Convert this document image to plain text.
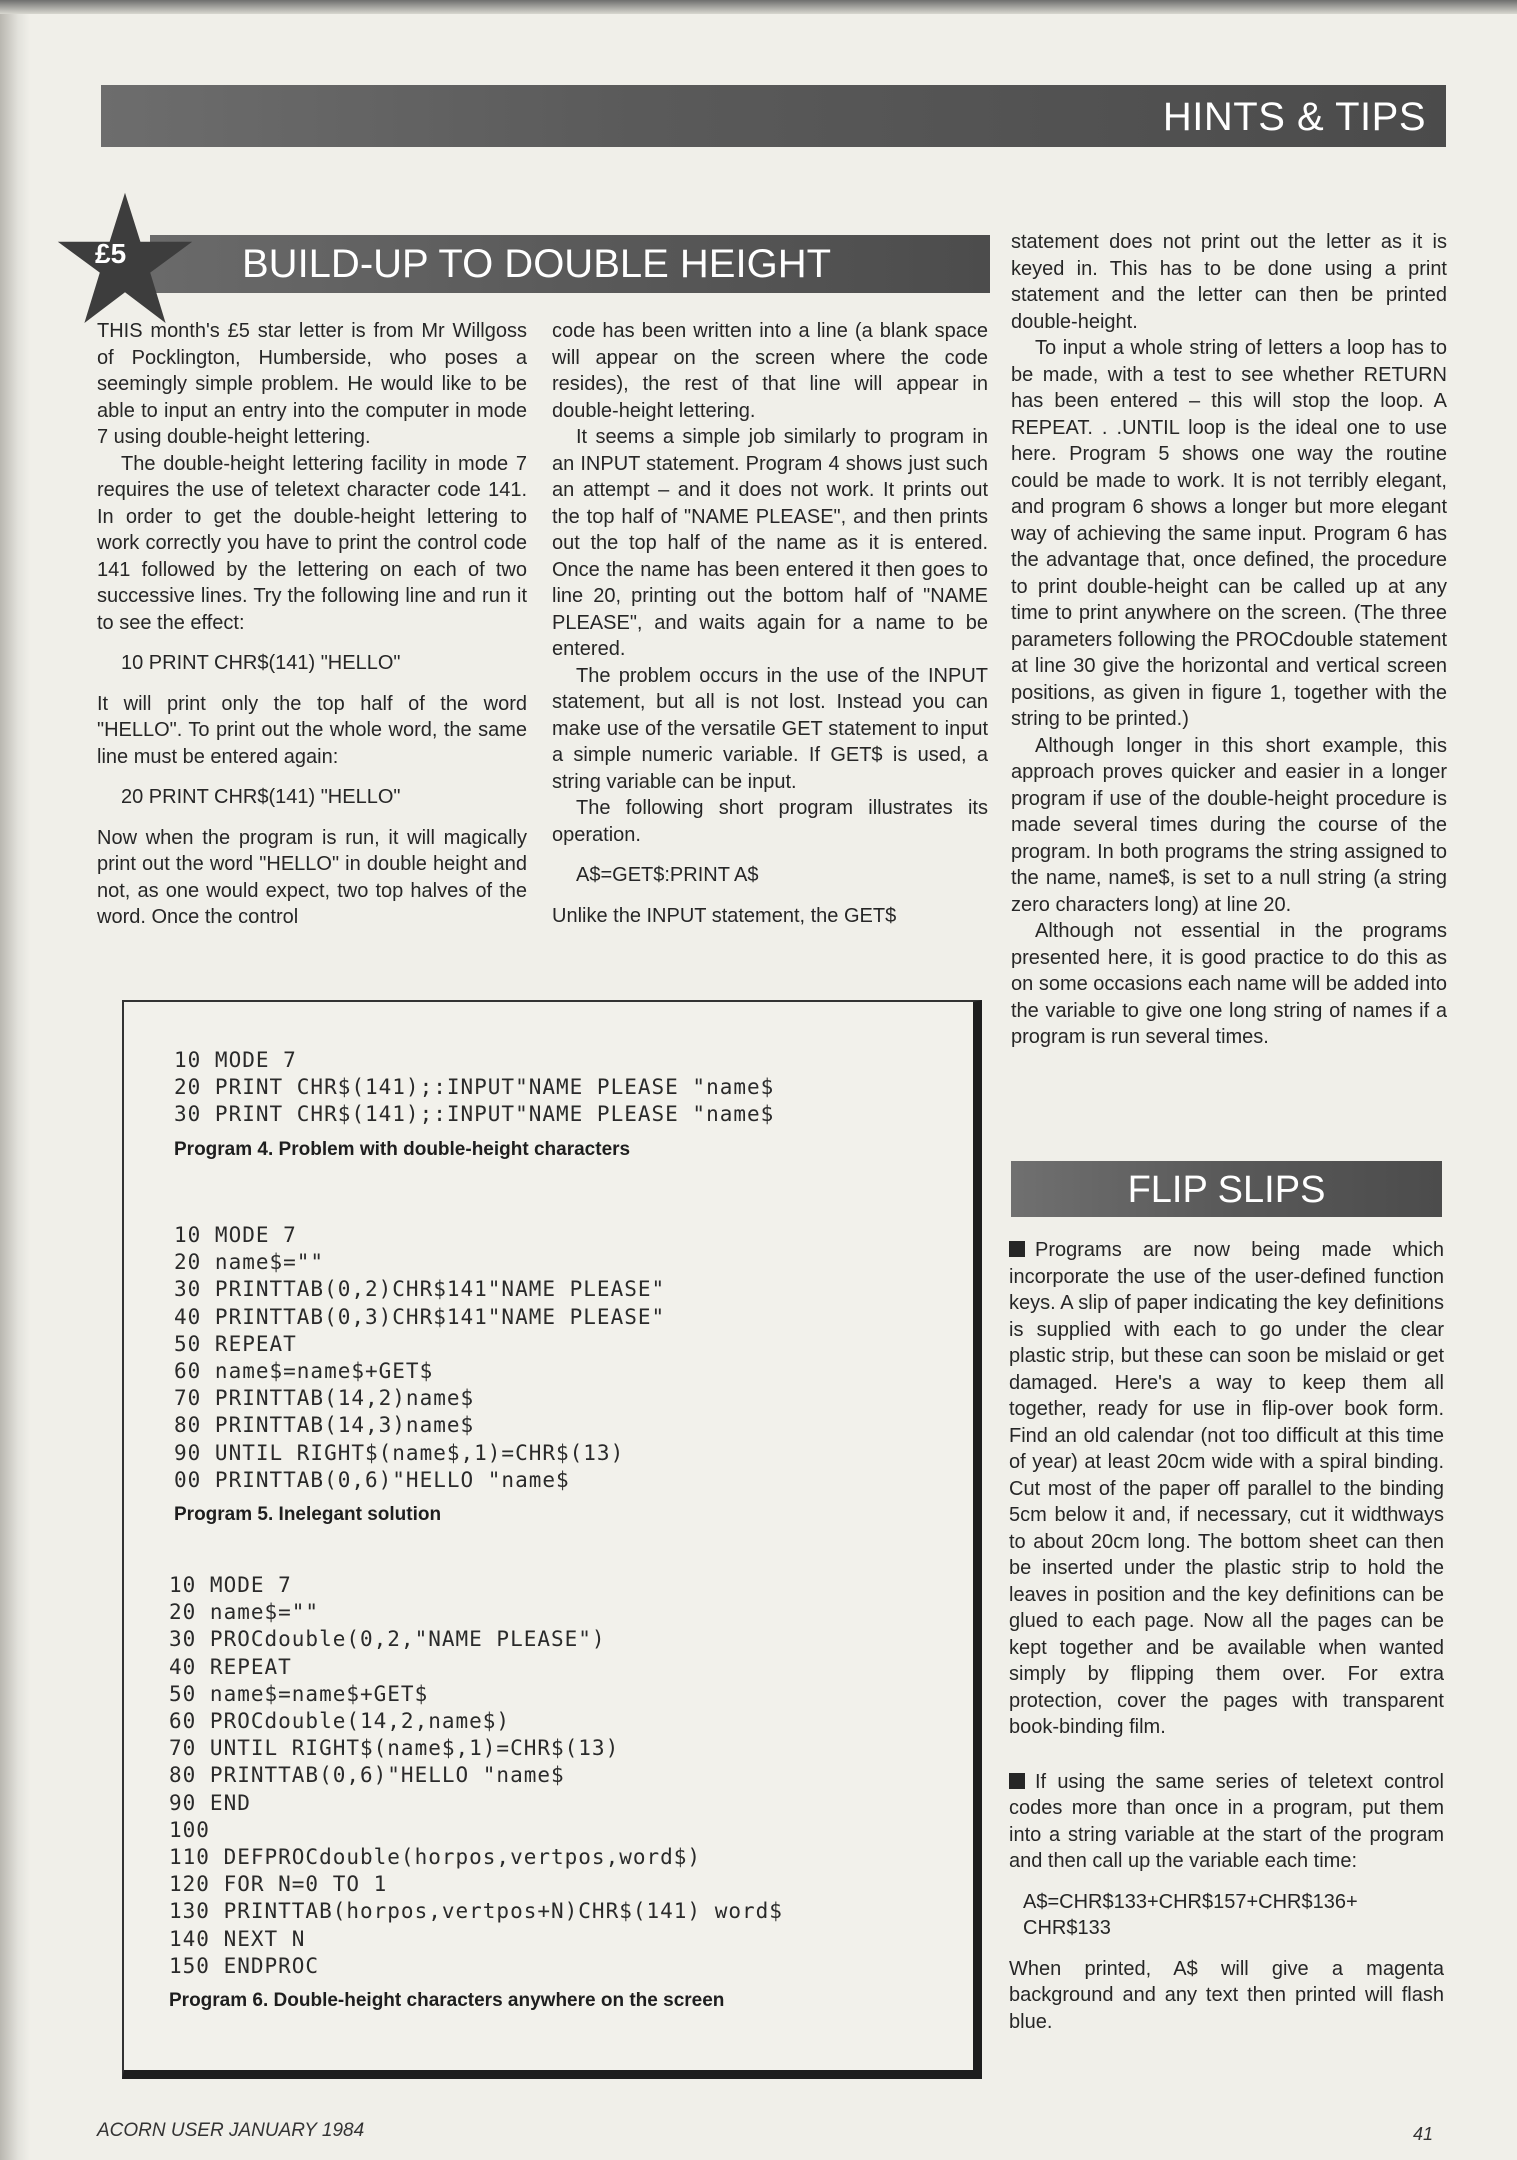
HINTS & TIPS
BUILD-UP TO DOUBLE HEIGHT
£5

THIS month's £5 star letter is from Mr Willgoss of Pocklington, Humberside, who poses a seemingly simple problem. He would like to be able to input an entry into the computer in mode 7 using double-height lettering.

The double-height lettering facility in mode 7 requires the use of teletext character code 141. In order to get the double-height lettering to work correctly you have to print the control code 141 followed by the lettering on each of two successive lines. Try the following line and run it to see the effect:

10 PRINT CHR$(141) "HELLO"

It will print only the top half of the word "HELLO". To print out the whole word, the same line must be entered again:

20 PRINT CHR$(141) "HELLO"

Now when the program is run, it will magically print out the word "HELLO" in double height and not, as one would expect, two top halves of the word. Once the control

code has been written into a line (a blank space will appear on the screen where the code resides), the rest of that line will appear in double-height lettering.

It seems a simple job similarly to program in an INPUT statement. Program 4 shows just such an attempt – and it does not work. It prints out the top half of "NAME PLEASE", and then prints out the top half of the name as it is entered. Once the name has been entered it then goes to line 20, printing out the bottom half of "NAME PLEASE", and waits again for a name to be entered.

The problem occurs in the use of the INPUT statement, but all is not lost. Instead you can make use of the versatile GET statement to input a simple numeric variable. If GET$ is used, a string variable can be input.

The following short program illustrates its operation.

A$=GET$:PRINT A$

Unlike the INPUT statement, the GET$

statement does not print out the letter as it is keyed in. This has to be done using a print statement and the letter can then be printed double-height.

To input a whole string of letters a loop has to be made, with a test to see whether RETURN has been entered – this will stop the loop. A REPEAT. . .UNTIL loop is the ideal one to use here. Program 5 shows one way the routine could be made to work. It is not terribly elegant, and program 6 shows a longer but more elegant way of achieving the same input. Program 6 has the advantage that, once defined, the procedure to print double-height can be called up at any time to print anywhere on the screen. (The three parameters following the PROCdouble statement at line 30 give the horizontal and vertical screen positions, as given in figure 1, together with the string to be printed.)

Although longer in this short example, this approach proves quicker and easier in a longer program if use of the double-height procedure is made several times during the course of the program. In both programs the string assigned to the name, name$, is set to a null string (a string zero characters long) at line 20.

Although not essential in the programs presented here, it is good practice to do this as on some occasions each name will be added into the variable to give one long string of names if a program is run several times.

FLIP SLIPS

Programs are now being made which incorporate the use of the user-defined function keys. A slip of paper indicating the key definitions is supplied with each to go under the clear plastic strip, but these can soon be mislaid or get damaged. Here's a way to keep them all together, ready for use in flip-over book form. Find an old calendar (not too difficult at this time of year) at least 20cm wide with a spiral binding. Cut most of the paper off parallel to the binding 5cm below it and, if necessary, cut it widthways to about 20cm long. The bottom sheet can then be inserted under the plastic strip to hold the leaves in position and the key definitions can be glued to each page. Now all the pages can be kept together and be available when wanted simply by flipping them over. For extra protection, cover the pages with transparent book-binding film.

If using the same series of teletext control codes more than once in a program, put them into a string variable at the start of the program and then call up the variable each time:

A$=CHR$133+CHR$157+CHR$136+
CHR$133

When printed, A$ will give a magenta background and any text then printed will flash blue.

10 MODE 7
20 PRINT CHR$(141);:INPUT"NAME PLEASE "name$
30 PRINT CHR$(141);:INPUT"NAME PLEASE "name$
Program 4. Problem with double-height characters
10 MODE 7
20 name$=""
30 PRINTTAB(0,2)CHR$141"NAME PLEASE"
40 PRINTTAB(0,3)CHR$141"NAME PLEASE"
50 REPEAT
60 name$=name$+GET$
70 PRINTTAB(14,2)name$
80 PRINTTAB(14,3)name$
90 UNTIL RIGHT$(name$,1)=CHR$(13)
00 PRINTTAB(0,6)"HELLO "name$
Program 5. Inelegant solution
10 MODE 7
20 name$=""
30 PROCdouble(0,2,"NAME PLEASE")
40 REPEAT
50 name$=name$+GET$
60 PROCdouble(14,2,name$)
70 UNTIL RIGHT$(name$,1)=CHR$(13)
80 PRINTTAB(0,6)"HELLO "name$
90 END
100
110 DEFPROCdouble(horpos,vertpos,word$)
120 FOR N=0 TO 1
130 PRINTTAB(horpos,vertpos+N)CHR$(141) word$
140 NEXT N
150 ENDPROC
Program 6. Double-height characters anywhere on the screen
ACORN USER JANUARY 1984	41
